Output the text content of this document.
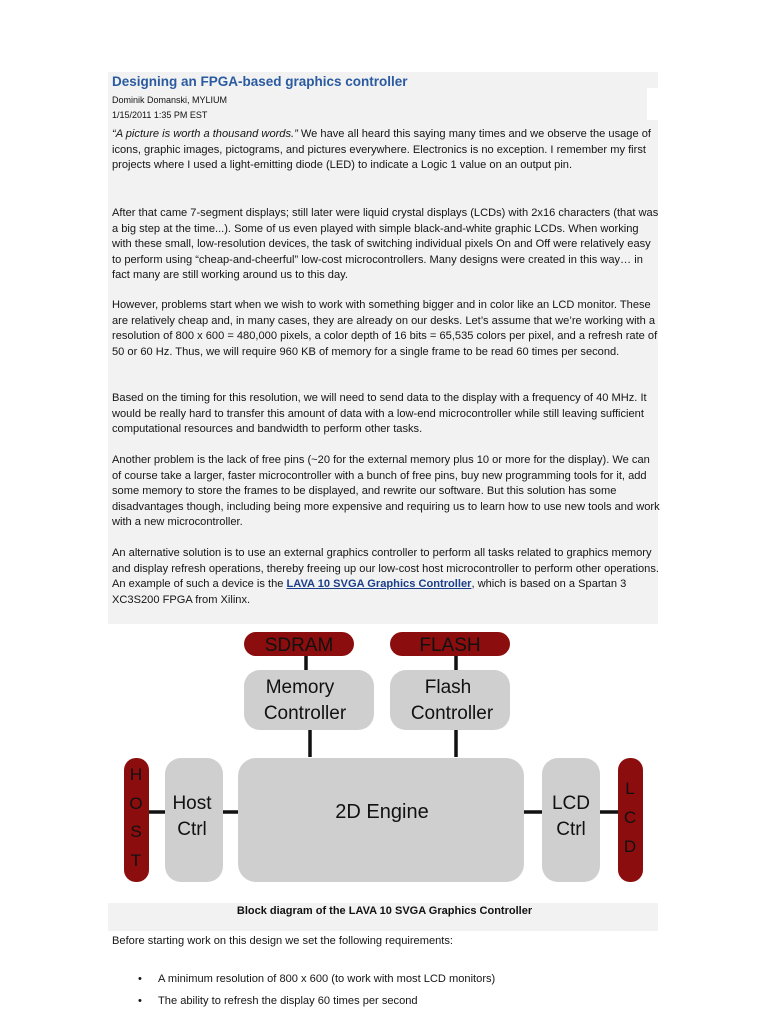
Designing an FPGA-based graphics controller
Dominik Domanski, MYLIUM
1/15/2011 1:35 PM EST

“A picture is worth a thousand words.” We have all heard this saying many times and we observe the usage of icons, graphic images, pictograms, and pictures everywhere. Electronics is no exception. I remember my first projects where I used a light-emitting diode (LED) to indicate a Logic 1 value on an output pin.

After that came 7-segment displays; still later were liquid crystal displays (LCDs) with 2x16 characters (that was a big step at the time...). Some of us even played with simple black-and-white graphic LCDs. When working with these small, low-resolution devices, the task of switching individual pixels On and Off were relatively easy to perform using “cheap-and-cheerful” low-cost microcontrollers. Many designs were created in this way… in fact many are still working around us to this day.

However, problems start when we wish to work with something bigger and in color like an LCD monitor. These are relatively cheap and, in many cases, they are already on our desks. Let’s assume that we’re working with a resolution of 800 x 600 = 480,000 pixels, a color depth of 16 bits = 65,535 colors per pixel, and a refresh rate of 50 or 60 Hz. Thus, we will require 960 KB of memory for a single frame to be read 60 times per second.

Based on the timing for this resolution, we will need to send data to the display with a frequency of 40 MHz. It would be really hard to transfer this amount of data with a low-end microcontroller while still leaving sufficient computational resources and bandwidth to perform other tasks.

Another problem is the lack of free pins (~20 for the external memory plus 10 or more for the display). We can of course take a larger, faster microcontroller with a bunch of free pins, buy new programming tools for it, add some memory to store the frames to be displayed, and rewrite our software. But this solution has some disadvantages though, including being more expensive and requiring us to learn how to use new tools and work with a new microcontroller.

An alternative solution is to use an external graphics controller to perform all tasks related to graphics memory and display refresh operations, thereby freeing up our low-cost host microcontroller to perform other operations. An example of such a device is the LAVA 10 SVGA Graphics Controller, which is based on a Spartan 3 XC3S200 FPGA from Xilinx.

SDRAM	FLASH
Memory
Controller
Flash
Controller
H
O
S
T
Host
Ctrl
2D Engine	LCD
Ctrl
L
C
D
Block diagram of the LAVA 10 SVGA Graphics Controller
Before starting work on this design we set the following requirements:
• A minimum resolution of 800 x 600 (to work with most LCD monitors)
• The ability to refresh the display 60 times per second
